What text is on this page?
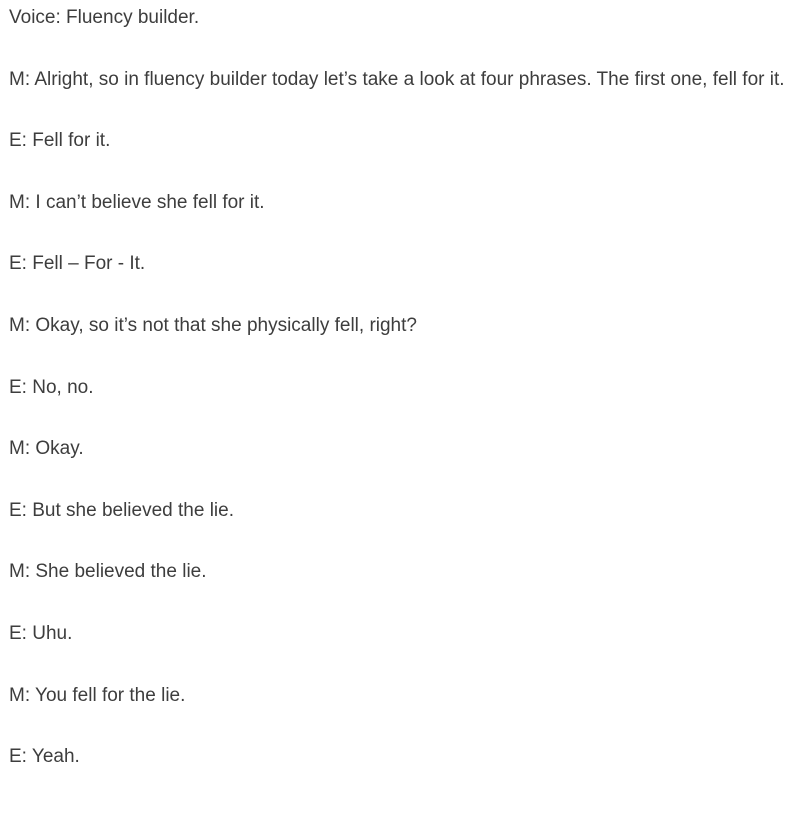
Voice: Fluency builder.

M: Alright, so in fluency builder today let’s take a look at four phrases. The first one, fell for it.

E: Fell for it.

M: I can’t believe she fell for it.

E: Fell – For - It.

M: Okay, so it’s not that she physically fell, right?

E: No, no.

M: Okay.

E: But she believed the lie.

M: She believed the lie.

E: Uhu.

M: You fell for the lie.

E: Yeah.
